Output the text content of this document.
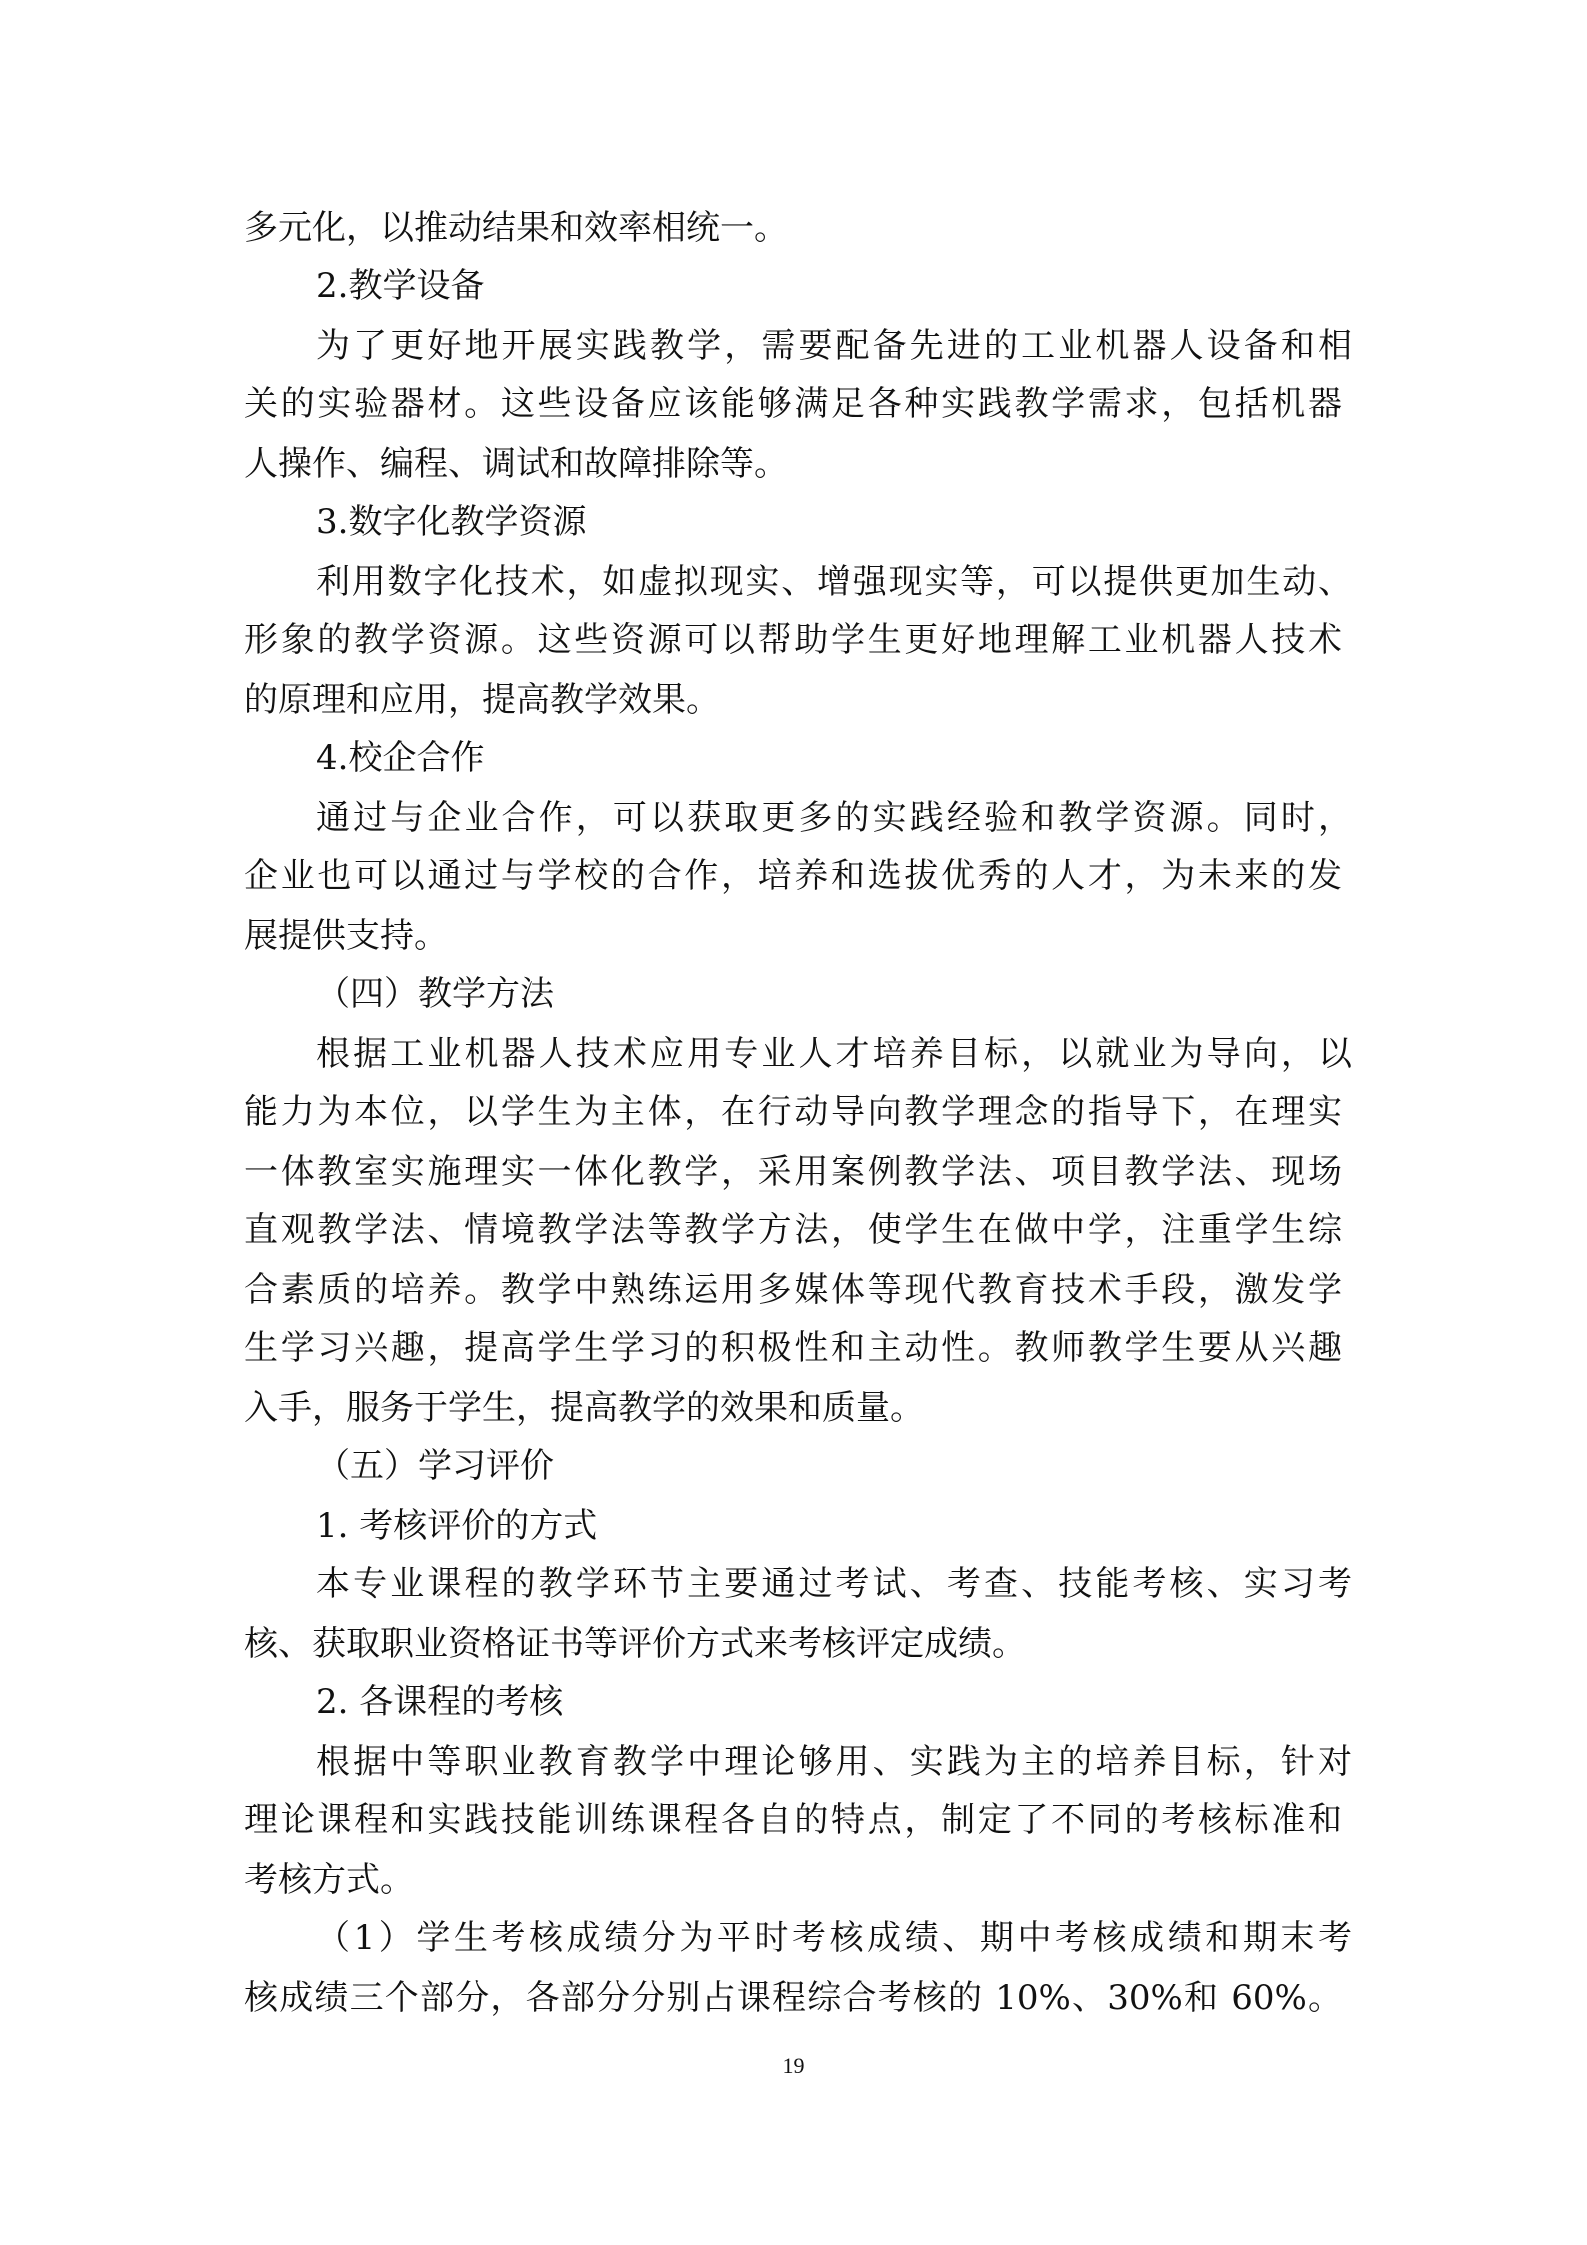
多元化，以推动结果和效率相统一。
2.教学设备
为了更好地开展实践教学，需要配备先进的工业机器人设备和相
关的实验器材。这些设备应该能够满足各种实践教学需求，包括机器
人操作、编程、调试和故障排除等。
3.数字化教学资源
利用数字化技术，如虚拟现实、增强现实等，可以提供更加生动、
形象的教学资源。这些资源可以帮助学生更好地理解工业机器人技术
的原理和应用，提高教学效果。
4.校企合作
通过与企业合作，可以获取更多的实践经验和教学资源。同时，
企业也可以通过与学校的合作，培养和选拔优秀的人才，为未来的发
展提供支持。
（四）教学方法
根据工业机器人技术应用专业人才培养目标，以就业为导向，以
能力为本位，以学生为主体，在行动导向教学理念的指导下，在理实
一体教室实施理实一体化教学，采用案例教学法、项目教学法、现场
直观教学法、情境教学法等教学方法，使学生在做中学，注重学生综
合素质的培养。教学中熟练运用多媒体等现代教育技术手段，激发学
生学习兴趣，提高学生学习的积极性和主动性。教师教学生要从兴趣
入手，服务于学生，提高教学的效果和质量。
（五）学习评价
1. 考核评价的方式
本专业课程的教学环节主要通过考试、考查、技能考核、实习考
核、获取职业资格证书等评价方式来考核评定成绩。
2. 各课程的考核
根据中等职业教育教学中理论够用、实践为主的培养目标，针对
理论课程和实践技能训练课程各自的特点，制定了不同的考核标准和
考核方式。
（1）学生考核成绩分为平时考核成绩、期中考核成绩和期末考
核成绩三个部分，各部分分别占课程综合考核的 10%、30%和 60%。
19
